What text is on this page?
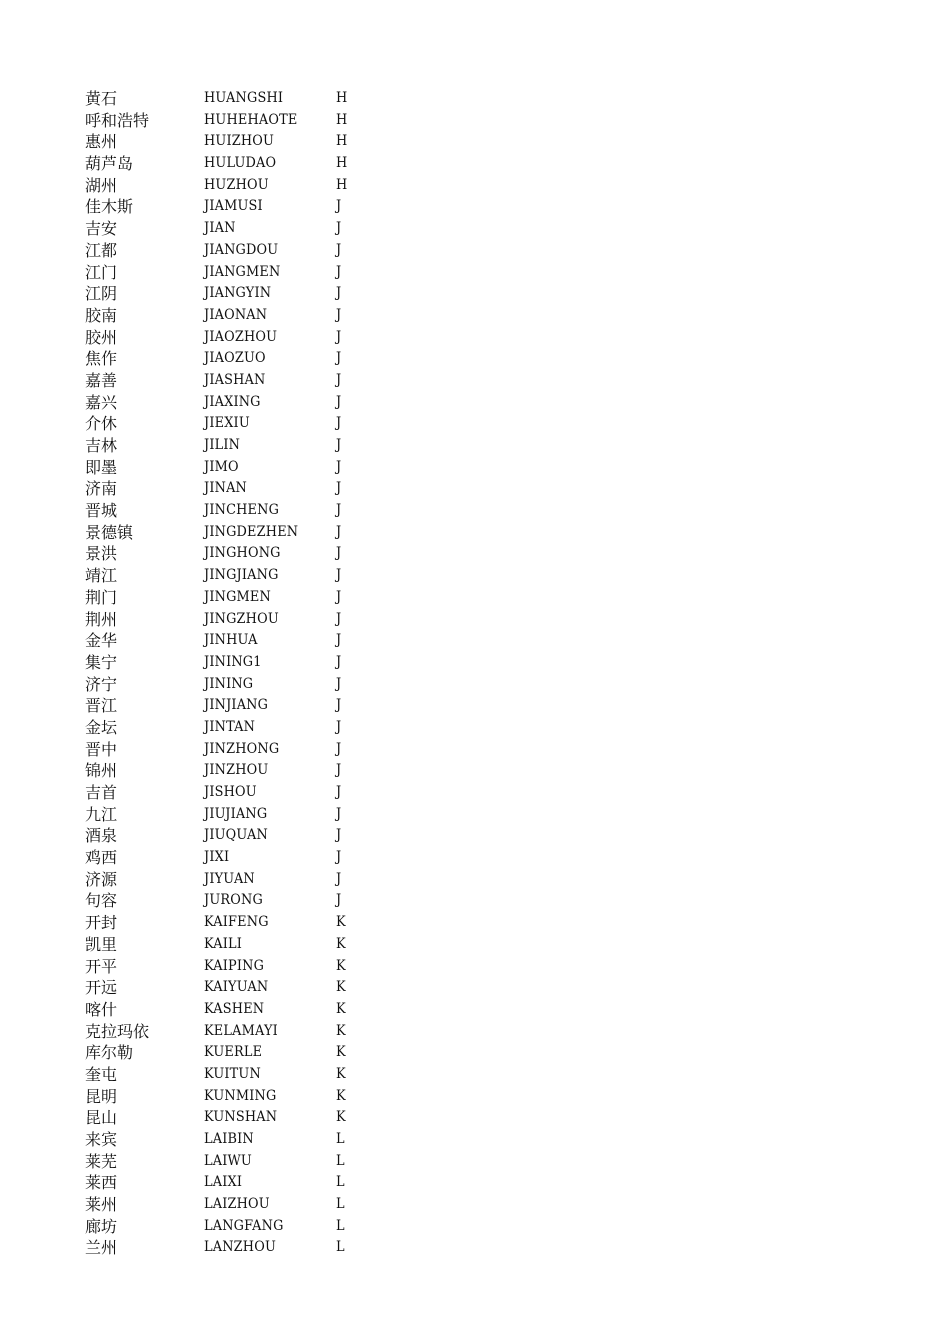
黄石	HUANGSHI	H
呼和浩特	HUHEHAOTE	H
惠州	HUIZHOU	H
葫芦岛	HULUDAO	H
湖州	HUZHOU	H
佳木斯	JIAMUSI	J
吉安	JIAN	J
江都	JIANGDOU	J
江门	JIANGMEN	J
江阴	JIANGYIN	J
胶南	JIAONAN	J
胶州	JIAOZHOU	J
焦作	JIAOZUO	J
嘉善	JIASHAN	J
嘉兴	JIAXING	J
介休	JIEXIU	J
吉林	JILIN	J
即墨	JIMO	J
济南	JINAN	J
晋城	JINCHENG	J
景德镇	JINGDEZHEN	J
景洪	JINGHONG	J
靖江	JINGJIANG	J
荆门	JINGMEN	J
荆州	JINGZHOU	J
金华	JINHUA	J
集宁	JINING1	J
济宁	JINING	J
晋江	JINJIANG	J
金坛	JINTAN	J
晋中	JINZHONG	J
锦州	JINZHOU	J
吉首	JISHOU	J
九江	JIUJIANG	J
酒泉	JIUQUAN	J
鸡西	JIXI	J
济源	JIYUAN	J
句容	JURONG	J
开封	KAIFENG	K
凯里	KAILI	K
开平	KAIPING	K
开远	KAIYUAN	K
喀什	KASHEN	K
克拉玛依	KELAMAYI	K
库尔勒	KUERLE	K
奎屯	KUITUN	K
昆明	KUNMING	K
昆山	KUNSHAN	K
来宾	LAIBIN	L
莱芜	LAIWU	L
莱西	LAIXI	L
莱州	LAIZHOU	L
廊坊	LANGFANG	L
兰州	LANZHOU	L
